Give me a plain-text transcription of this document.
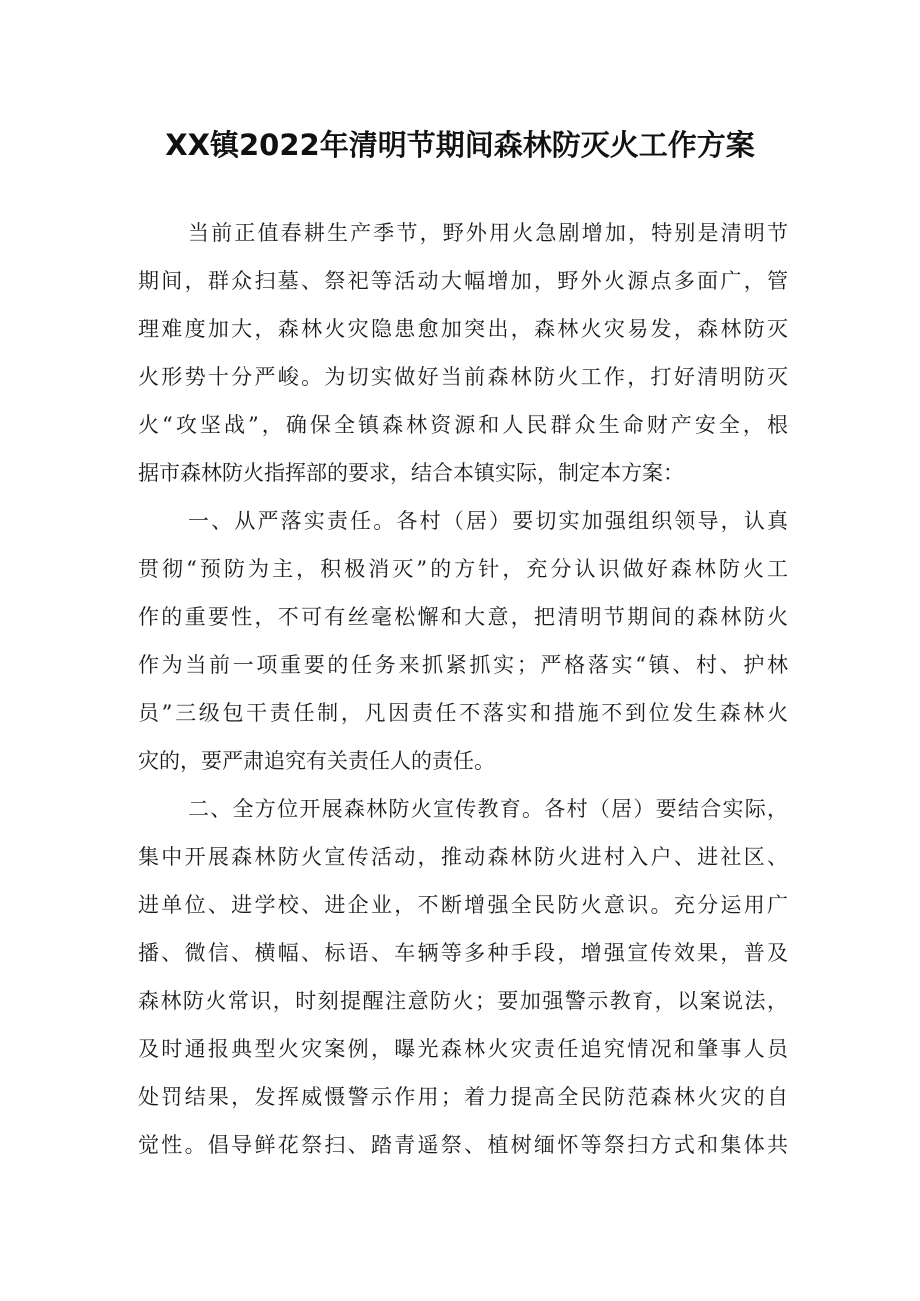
XX镇2022年清明节期间森林防灭火工作方案

当前正值春耕生产季节，野外用火急剧增加，特别是清明节

期间，群众扫墓、祭祀等活动大幅增加，野外火源点多面广，管

理难度加大，森林火灾隐患愈加突出，森林火灾易发，森林防灭

火形势十分严峻。为切实做好当前森林防火工作，打好清明防灭

火“攻坚战”，确保全镇森林资源和人民群众生命财产安全，根

据市森林防火指挥部的要求，结合本镇实际，制定本方案：

一、从严落实责任。各村（居）要切实加强组织领导，认真

贯彻“预防为主，积极消灭”的方针，充分认识做好森林防火工

作的重要性，不可有丝毫松懈和大意，把清明节期间的森林防火

作为当前一项重要的任务来抓紧抓实；严格落实“镇、村、护林

员”三级包干责任制，凡因责任不落实和措施不到位发生森林火

灾的，要严肃追究有关责任人的责任。

二、全方位开展森林防火宣传教育。各村（居）要结合实际，

集中开展森林防火宣传活动，推动森林防火进村入户、进社区、

进单位、进学校、进企业，不断增强全民防火意识。充分运用广

播、微信、横幅、标语、车辆等多种手段，增强宣传效果，普及

森林防火常识，时刻提醒注意防火；要加强警示教育，以案说法，

及时通报典型火灾案例，曝光森林火灾责任追究情况和肇事人员

处罚结果，发挥威慑警示作用；着力提高全民防范森林火灾的自

觉性。倡导鲜花祭扫、踏青遥祭、植树缅怀等祭扫方式和集体共
